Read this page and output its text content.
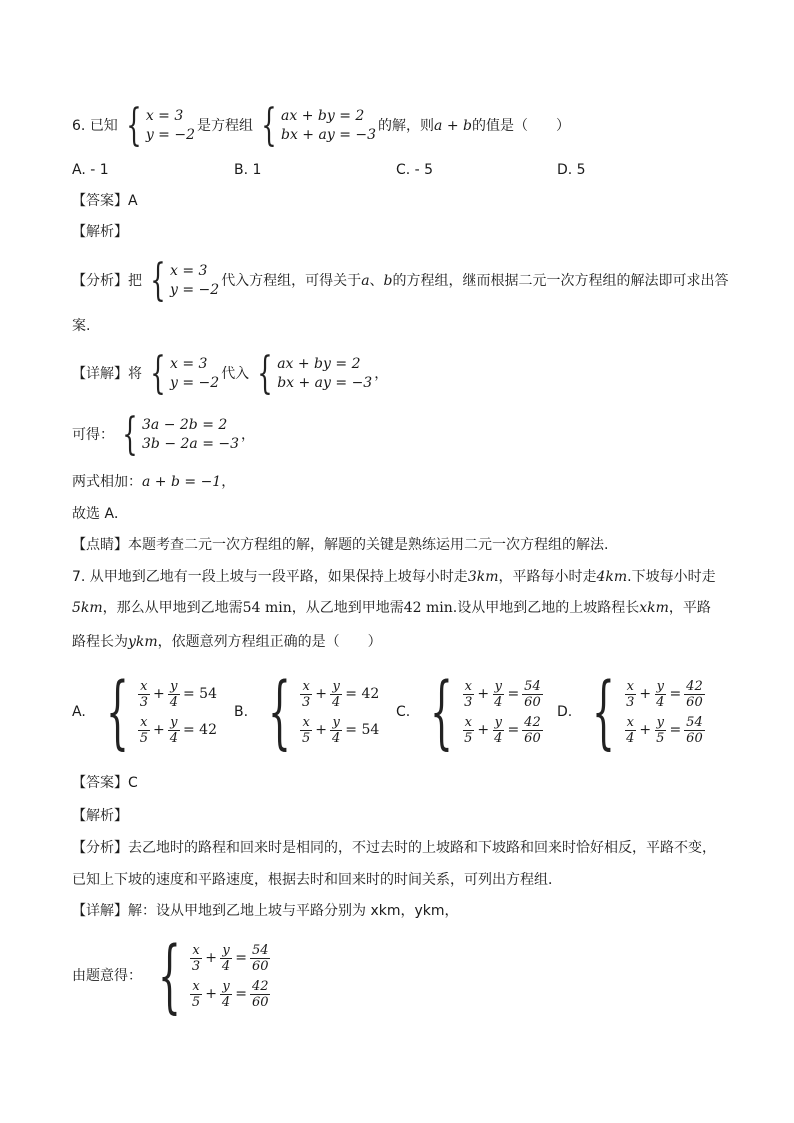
6. 已知 { x = 3
y = −2
是方程组 { ax + by = 2
bx + ay = −3
的解，则a + b的值是（　　）
A. - 1	B. 1	C. - 5	D. 5
【答案】A
【解析】
【分析】把 { x = 3
y = −2
代入方程组，可得关于a、b的方程组，继而根据二元一次方程组的解法即可求出答
案.
【详解】将 { x = 3
y = −2
代入 { ax + by = 2
bx + ay = −3
，
可得： { 3a − 2b = 2
3b − 2a = −3
，
两式相加：a + b = −1，
故选 A．
【点睛】本题考查二元一次方程组的解，解题的关键是熟练运用二元一次方程组的解法.
7. 从甲地到乙地有一段上坡与一段平路，如果保持上坡每小时走3km，平路每小时走4km.下坡每小时走
5km，那么从甲地到乙地需54 min，从乙地到甲地需42 min.设从甲地到乙地的上坡路程长xkm，平路
路程长为ykm，依题意列方程组正确的是（　　）
A. { $\frac{x}{3} + \frac{y}{4} = 54$
$\frac{x}{5} + \frac{y}{4} = 42$
B. { $\frac{x}{3} + \frac{y}{4} = 42$
$\frac{x}{5} + \frac{y}{4} = 54$
C. { $\frac{x}{3} + \frac{y}{4} = \frac{54}{60}$
$\frac{x}{5} + \frac{y}{4} = \frac{42}{60}$
D. { $\frac{x}{3} + \frac{y}{4} = \frac{42}{60}$
$\frac{x}{4} + \frac{y}{5} = \frac{54}{60}$
【答案】C
【解析】
【分析】去乙地时的路程和回来时是相同的，不过去时的上坡路和下坡路和回来时恰好相反，平路不变，
已知上下坡的速度和平路速度，根据去时和回来时的时间关系，可列出方程组．
【详解】解：设从甲地到乙地上坡与平路分别为 xkm，ykm，
由题意得： { $\frac{x}{3} + \frac{y}{4} = \frac{54}{60}$
$\frac{x}{5} + \frac{y}{4} = \frac{42}{60}$
